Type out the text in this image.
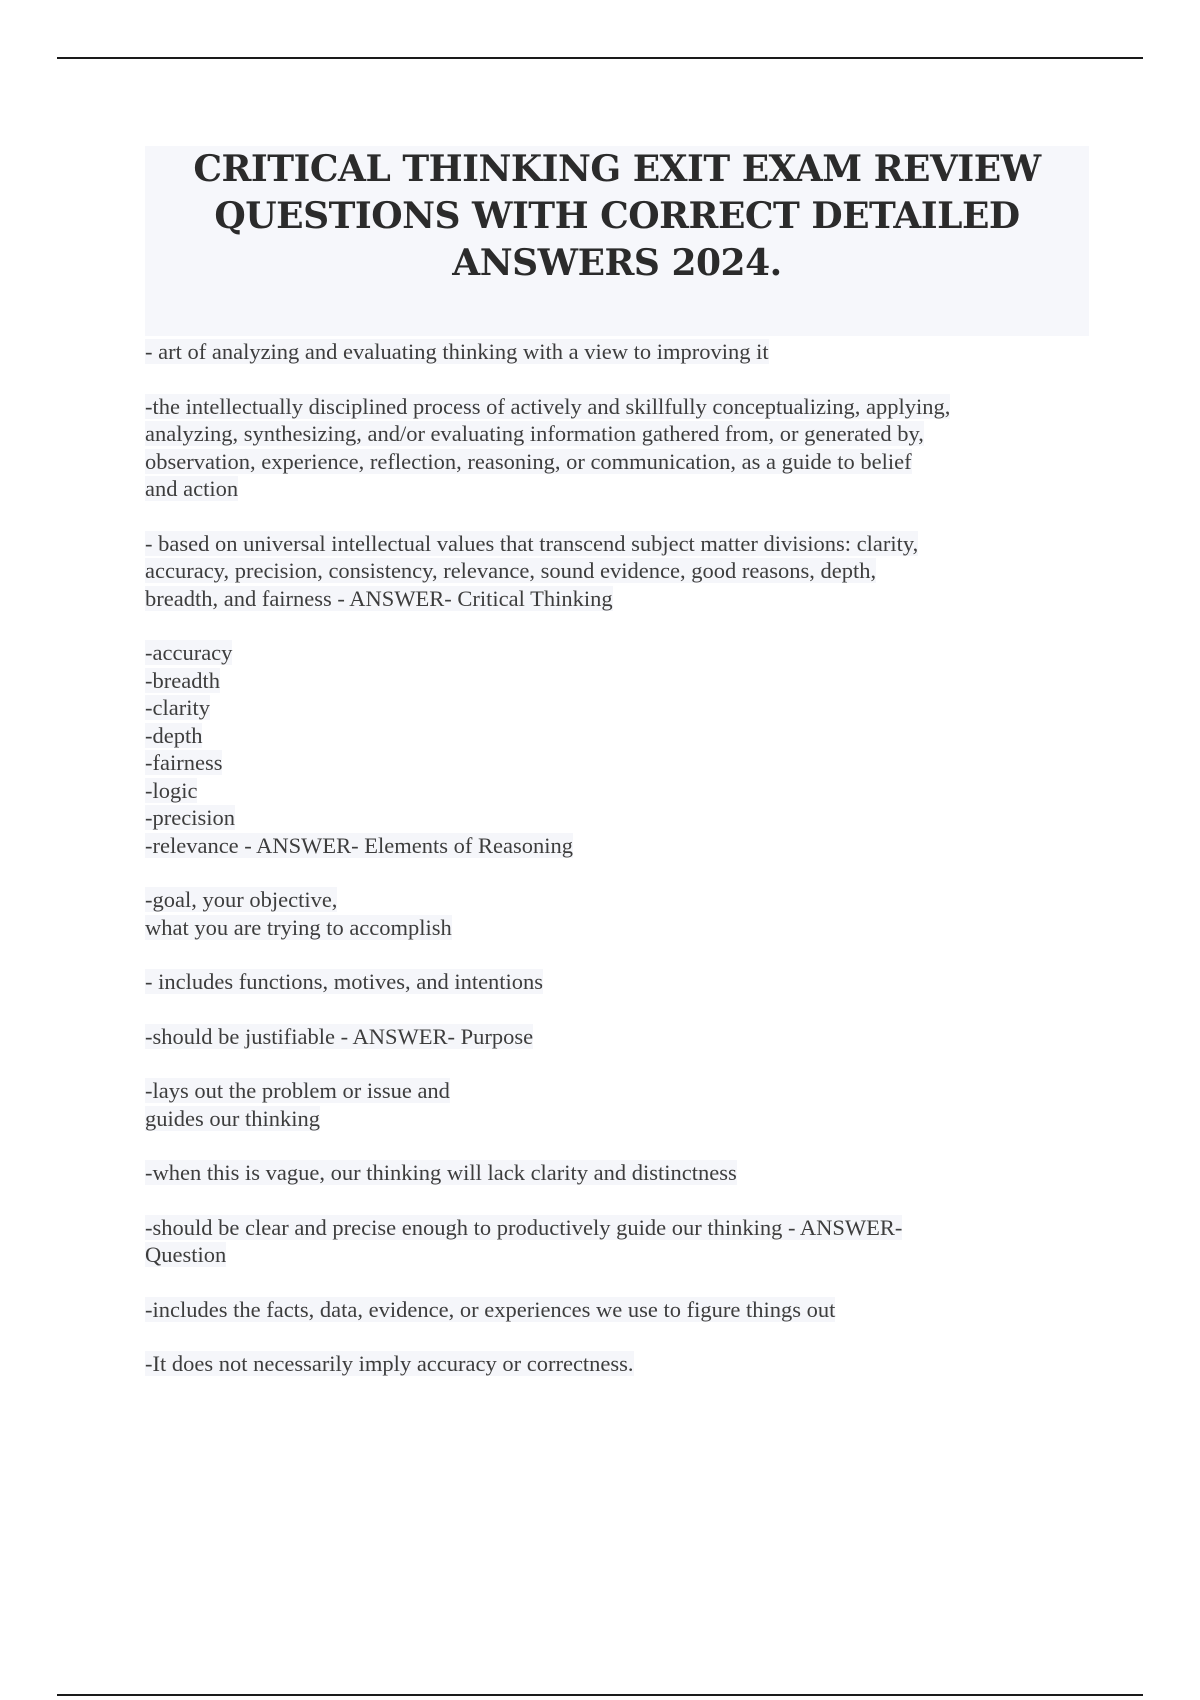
CRITICAL THINKING EXIT EXAM REVIEW
QUESTIONS WITH CORRECT DETAILED
ANSWERS 2024.

- art of analyzing and evaluating thinking with a view to improving it

-the intellectually disciplined process of actively and skillfully conceptualizing, applying,
analyzing, synthesizing, and/or evaluating information gathered from, or generated by,
observation, experience, reflection, reasoning, or communication, as a guide to belief
and action

- based on universal intellectual values that transcend subject matter divisions: clarity,
accuracy, precision, consistency, relevance, sound evidence, good reasons, depth,
breadth, and fairness - ANSWER- Critical Thinking

-accuracy
-breadth
-clarity
-depth
-fairness
-logic
-precision
-relevance - ANSWER- Elements of Reasoning

-goal, your objective,
what you are trying to accomplish

- includes functions, motives, and intentions

-should be justifiable - ANSWER- Purpose

-lays out the problem or issue and
guides our thinking

-when this is vague, our thinking will lack clarity and distinctness

-should be clear and precise enough to productively guide our thinking - ANSWER-
Question

-includes the facts, data, evidence, or experiences we use to figure things out

-It does not necessarily imply accuracy or correctness.
